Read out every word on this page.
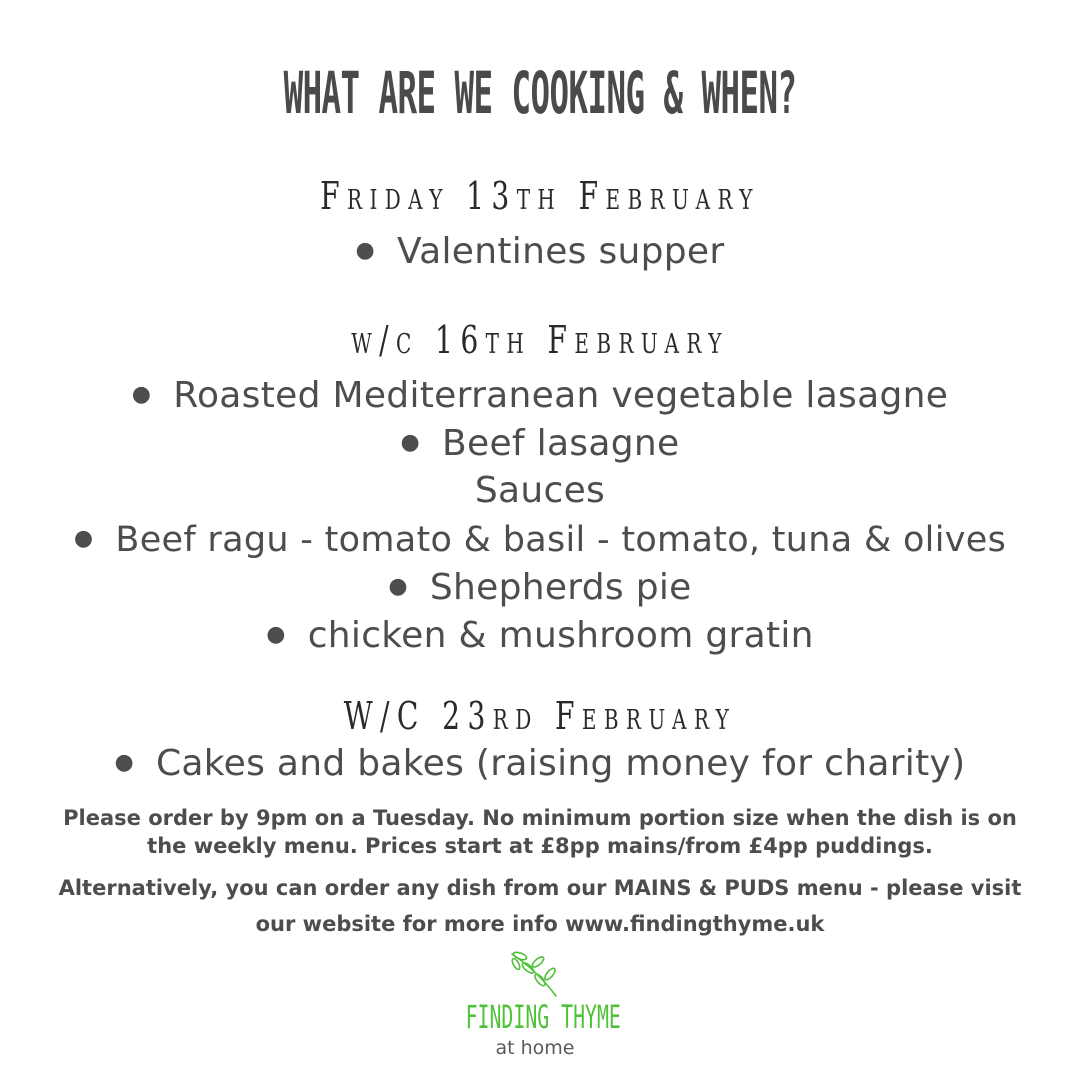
WHAT ARE WE COOKING & WHEN?
Friday 13th February
● Valentines supper
w/c 16th February
● Roasted Mediterranean vegetable lasagne
● Beef lasagne
Sauces
● Beef ragu - tomato & basil - tomato, tuna & olives
● Shepherds pie
● chicken & mushroom gratin
W/C 23rd February
● Cakes and bakes (raising money for charity)
Please order by 9pm on a Tuesday. No minimum portion size when the dish is on the weekly menu. Prices start at £8pp mains/from £4pp puddings.
Alternatively, you can order any dish from our MAINS & PUDS menu - please visit our website for more info www.findingthyme.uk
FINDING THYME
at home
